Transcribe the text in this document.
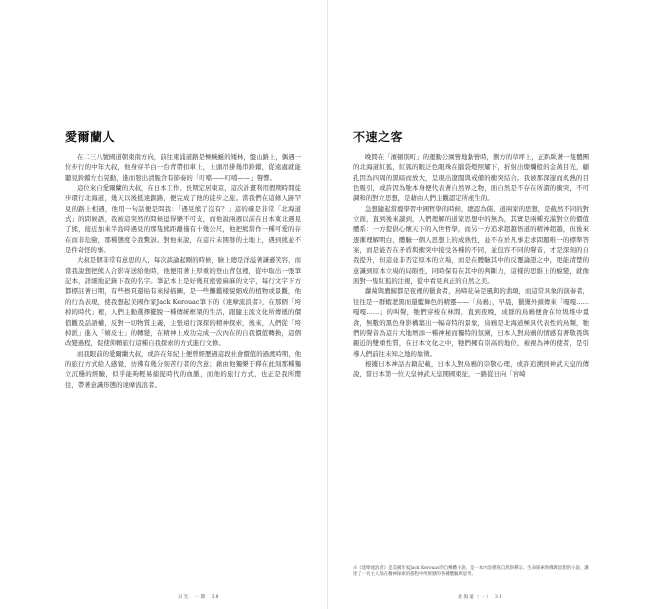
愛爾蘭人

在二三八號國道朝東南方向，前往東浦道路是極蜿蜒的矮林，盤山路上，偶遇一位步行的中年大叔，他身穿半白一台背帶扣車上，上頭吊掛幾串鈴鐺，從遠處就能聽見鈴鐺左右晃動，進而發出清脆含有節奏的「叮噹——叮噹——」聲響。

這位來自愛爾蘭的大叔，在日本工作、長期定居東京，這次計畫利用假期時間徒步環行北海道，幾天以後抵達釧路，便完成了他的徒步之旅。當我們在這條人跡罕見的路上相遇，他用一句話便是問我：「遇見熊了沒有？」這的確是非常「北海道式」的問候語，我被這突然的問候逗得樂不可支，而他說兩週以前在日本東北遇見了熊，接近加來半島時遇見的那隻熊距離僅有十幾公尺，他把熊當作一種可愛的存在而非危險，那種態度令我驚訝。對他來說，在這片未開發的土地上，遇到熊並不是件奇怪的事。

大叔是個非常有意思的人，每次談論起剛的時候，臉上總是洋溢著謙遜笑容，而當我說想把熊人合影寄送給他時，他便用著上厚重的登山背包裡，從中取出一張筆記本，詳細地記錄下我的名字。筆記本上是好幾頁密密麻麻的文字，每行文字下方都標註著日期，有些擦頁還貼有來掃描圖，是一些攤鑑樣貌細成的植物或景觀，他的行為表現，使我想起美國作家Jack Kerouac筆下的《達摩流浪者》，在那個「垮掉的時代」裡，人們主動選擇擺脫一種傳統框架的生活，跟隨主流文化所傳遞的價值觀及話語權，反對一切物質主義，主張遠行深探的精神探索，後來，人們從「垮掉派」進入「嬉皮士」的轉變，在精神上成功完成一次內在的自我價值轉換，這個改變過程，促使仰賴旅行這種自我探索的方式進行文修。

而我眼前的愛爾蘭大叔，或許在年紀上便曾經歷過這段社會價值的過渡時期，他的旅行方式給人感覺，彷彿有幾分刻苦行者的含意；藉由他獨樂于釋在此刻那種獨立沉穩的經驗，似乎能夠輕易捕捉時代的血脈，而他的旅行方式，也正是我所嚮往，帶著意識形態的達摩流浪者。

日光．一期　38
不速之客

晚間在「濱頓別町」的運動公園營地紮營時，側方的草坪上，正趴臥著一隻體團的北海道紅狐，紅狐的眼泛色眼珠在腦袋燈照耀下，折射出燦爛般的金黃目光，顧孔因為四周的黑暗而放大，呈現出遼闊與戒備的衝突結合。我被那深邃而炙熱的目色吸引，或許因為牠本身便代表著自然界之物，面自然是不存在所謂的衝突，不可調和的對立思想，是藉由人們主觀認定所產生的。

急想隨起當鹿學習中國哲學的時候，總認為儒、道兩家的思想，是截然不同的對立面，直到後來讀到，人們理解的道家思想中的無為，其實是兩種充滿對立的價值體系：一方提倡心懷天下的入世哲學，而另一方追求超越悟道的精神超越，但後來逐漸理解明白，體驗一個人思想上的成熟性，並不在於凡事走求問題唯一的標準答案，而是能否在矛盾與衝突中接受各種的不同，並包容不同的聲音，才是深刻的自我提升，但這並非否定原本的立場，而是在體驗其中的反覆論證之中，更能清楚的意識到原本立場的局限性，同時保有在其中的判斷力，這樣的思維上的蛻變，就像面對一隻紅狐的注視，從中看見真正的自然之美。

蘿蔔與鷹鯨都是夜裡的獵食者，鳥啼花朵是風與的翡頌，而這常具象的演奏者，往往是一群蝦荖黑而還藍舞色的精靈——「烏鴉」，早晨，獵獲外頭傳來「嘎嘎……嘎嘎……」的叫聲，牠們穿梭在林間，直到夜晚，成群的烏鴉便會在垃圾堆中覓食，無數的黑色身影構築出一幅奇特的景象，烏鴉是北海道極具代表性的鳥類，牠們的聲音為這片大地增添一種神秘而獨特的氛圍，日本人對烏鴉的情感有著敬畏與親近的雙重性質，在日本文化之中，牠們擁有崇高的地位，被視為神的使者，是引導人們前往未知之地的象徵。

根據日本神話古籍記載，日本人對烏鴉的崇敬心理，或許追溯到神武天皇的傳說，當日本第一位天皇神武天皇開國東征，一路從日向「宮崎

※《達摩流浪者》是美國作家Jack Kerouac的自傳體小說，是一本內容描寫自然與禪宗、生命探索與佛教思想的小說，講述了一名主人翁在精神探索的旅程中所經歷的各種體驗與思考。
北海道（一）　31
